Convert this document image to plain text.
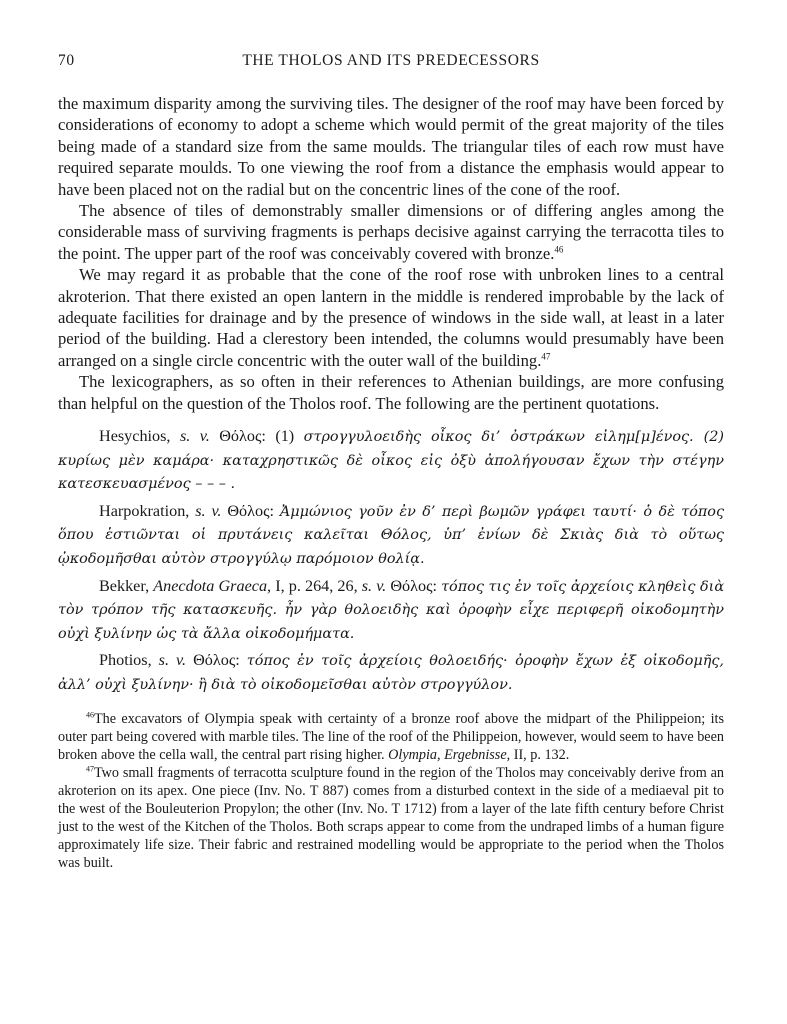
70	THE THOLOS AND ITS PREDECESSORS

the maximum disparity among the surviving tiles. The designer of the roof may have been forced by considerations of economy to adopt a scheme which would permit of the great majority of the tiles being made of a standard size from the same moulds. The triangular tiles of each row must have required separate moulds. To one viewing the roof from a distance the emphasis would appear to have been placed not on the radial but on the concentric lines of the cone of the roof.

The absence of tiles of demonstrably smaller dimensions or of differing angles among the considerable mass of surviving fragments is perhaps decisive against carrying the terracotta tiles to the point. The upper part of the roof was conceivably covered with bronze.$^{46}$

We may regard it as probable that the cone of the roof rose with unbroken lines to a central akroterion. That there existed an open lantern in the middle is rendered improbable by the lack of adequate facilities for drainage and by the presence of windows in the side wall, at least in a later period of the building. Had a clerestory been intended, the columns would presumably have been arranged on a single circle concentric with the outer wall of the building.$^{47}$

The lexicographers, as so often in their references to Athenian buildings, are more confusing than helpful on the question of the Tholos roof. The following are the pertinent quotations.

Hesychios, s. v. Θόλος: (1) στρογγυλοειδὴς οἶκος δι’ ὀστράκων εἰλημ[μ]ένος. (2) κυρίως μὲν καμάρα· καταχρηστικῶς δὲ οἶκος εἰς ὀξὺ ἀπολήγουσαν ἔχων τὴν στέγην κατεσκευασμένος – – – .

Harpokration, s. v. Θόλος: Ἀμμώνιος γοῦν ἐν δ’ περὶ βωμῶν γράφει ταυτί· ὁ δὲ τόπος ὅπου ἑστιῶνται οἱ πρυτάνεις καλεῖται Θόλος, ὑπ’ ἐνίων δὲ Σκιὰς διὰ τὸ οὕτως ᾠκοδομῆσθαι αὐτὸν στρογγύλῳ παρόμοιον θολίᾳ.

Bekker, Anecdota Graeca, I, p. 264, 26, s. v. Θόλος: τόπος τις ἐν τοῖς ἀρχείοις κληθεὶς διὰ τὸν τρόπον τῆς κατασκευῆς. ἦν γὰρ θολοειδὴς καὶ ὀροφὴν εἶχε περιφερῆ οἰκοδομητὴν οὐχὶ ξυλίνην ὡς τὰ ἄλλα οἰκοδομήματα.

Photios, s. v. Θόλος: τόπος ἐν τοῖς ἀρχείοις θολοειδής· ὀροφὴν ἔχων ἐξ οἰκοδομῆς, ἀλλ’ οὐχὶ ξυλίνην· ἢ διὰ τὸ οἰκοδομεῖσθαι αὐτὸν στρογγύλον.

$^{46}$The excavators of Olympia speak with certainty of a bronze roof above the midpart of the Philippeion; its outer part being covered with marble tiles. The line of the roof of the Philippeion, however, would seem to have been broken above the cella wall, the central part rising higher. Olympia, Ergebnisse, II, p. 132.

$^{47}$Two small fragments of terracotta sculpture found in the region of the Tholos may conceivably derive from an akroterion on its apex. One piece (Inv. No. T 887) comes from a disturbed context in the side of a mediaeval pit to the west of the Bouleuterion Propylon; the other (Inv. No. T 1712) from a layer of the late fifth century before Christ just to the west of the Kitchen of the Tholos. Both scraps appear to come from the undraped limbs of a human figure approximately life size. Their fabric and restrained modelling would be appropriate to the period when the Tholos was built.
